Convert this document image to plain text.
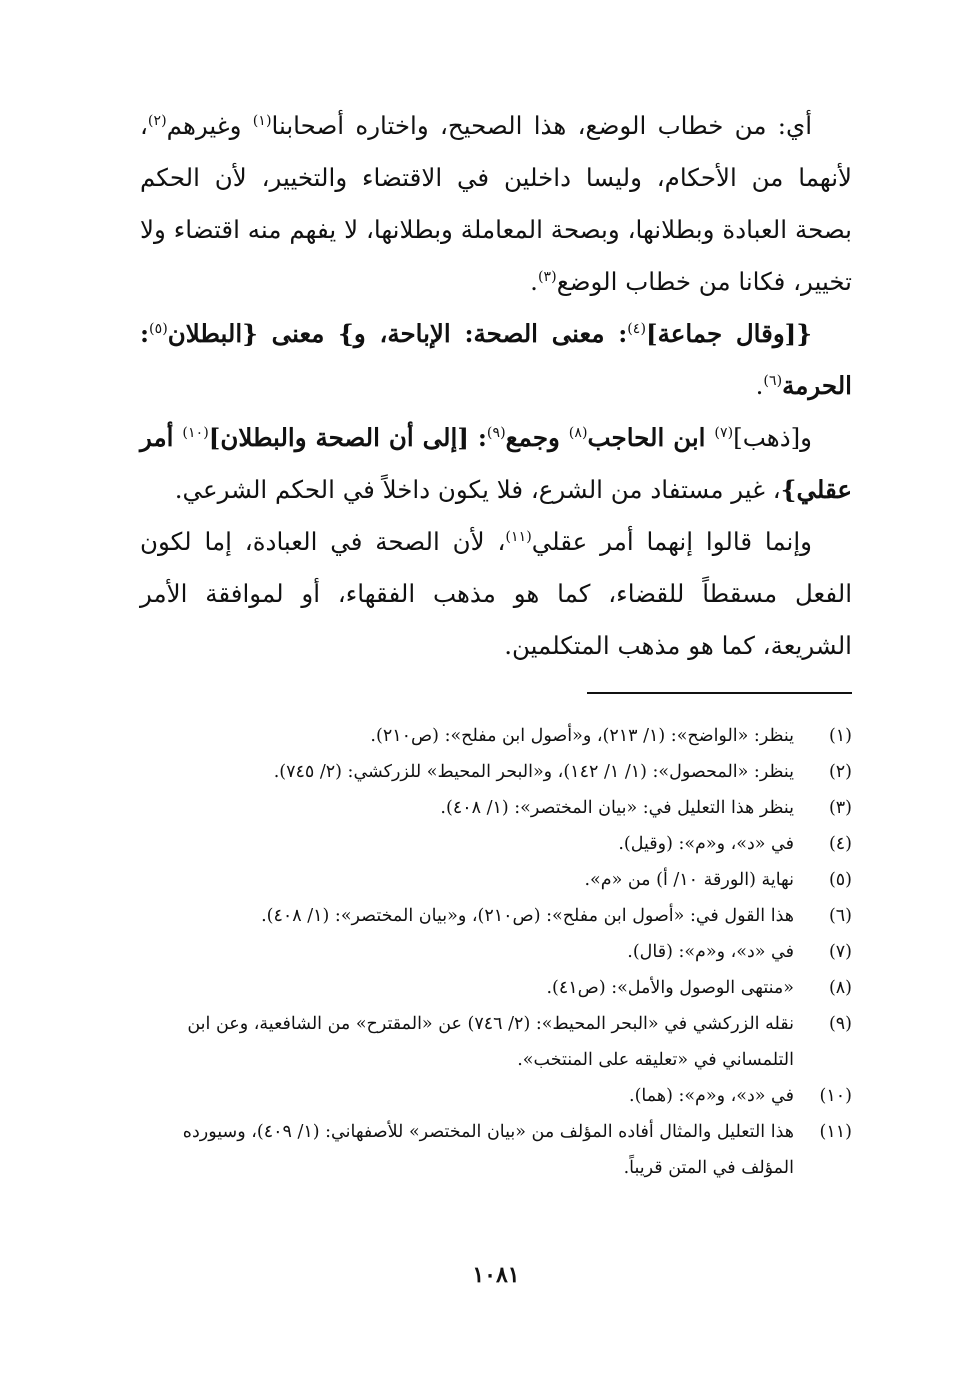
أي: من خطاب الوضع، هذا الصحيح، واختاره أصحابنا$^{(١)}$ وغيرهم$^{(٢)}$، لأنهما من الأحكام، وليسا داخلين في الاقتضاء والتخيير، لأن الحكم بصحة العبادة وبطلانها، وبصحة المعاملة وبطلانها، لا يفهم منه اقتضاء ولا تخيير، فكانا من خطاب الوضع$^{(٣)}$.

{[وقال جماعة]$^{(٤)}$: معنى الصحة: الإباحة، و} معنى {البطلان$^{(٥)}$: الحرمة$^{(٦)}$.

و[ذهب]$^{(٧)}$ ابن الحاجب$^{(٨)}$ وجمع$^{(٩)}$: [إلى أن الصحة والبطلان]$^{(١٠)}$ أمر عقلي}، غير مستفاد من الشرع، فلا يكون داخلاً في الحكم الشرعي.

وإنما قالوا إنهما أمر عقلي$^{(١١)}$، لأن الصحة في العبادة، إما لكون الفعل مسقطاً للقضاء، كما هو مذهب الفقهاء، أو لموافقة الأمر الشريعة، كما هو مذهب المتكلمين.

(١)
ينظر: «الواضح»: (١/ ٢١٣)، و«أصول ابن مفلح»: (ص٢١٠).
(٢)
ينظر: «المحصول»: (١/ ١/ ١٤٢)، و«البحر المحيط» للزركشي: (٢/ ٧٤٥).
(٣)
ينظر هذا التعليل في: «بيان المختصر»: (١/ ٤٠٨).
(٤)
في «د»، و«م»: (وقيل).
(٥)
نهاية (الورقة ١٠/ أ) من «م».
(٦)
هذا القول في: «أصول ابن مفلح»: (ص٢١٠)، و«بيان المختصر»: (١/ ٤٠٨).
(٧)
في «د»، و«م»: (قال).
(٨)
«منتهى الوصول والأمل»: (ص٤١).
(٩)
نقله الزركشي في «البحر المحيط»: (٢/ ٧٤٦) عن «المقترح» من الشافعية، وعن ابن التلمساني في «تعليقه على المنتخب».
(١٠)
في «د»، و«م»: (هما).
(١١)
هذا التعليل والمثال أفاده المؤلف من «بيان المختصر» للأصفهاني: (١/ ٤٠٩)، وسيورده المؤلف في المتن قريباً.
١٠٨١
